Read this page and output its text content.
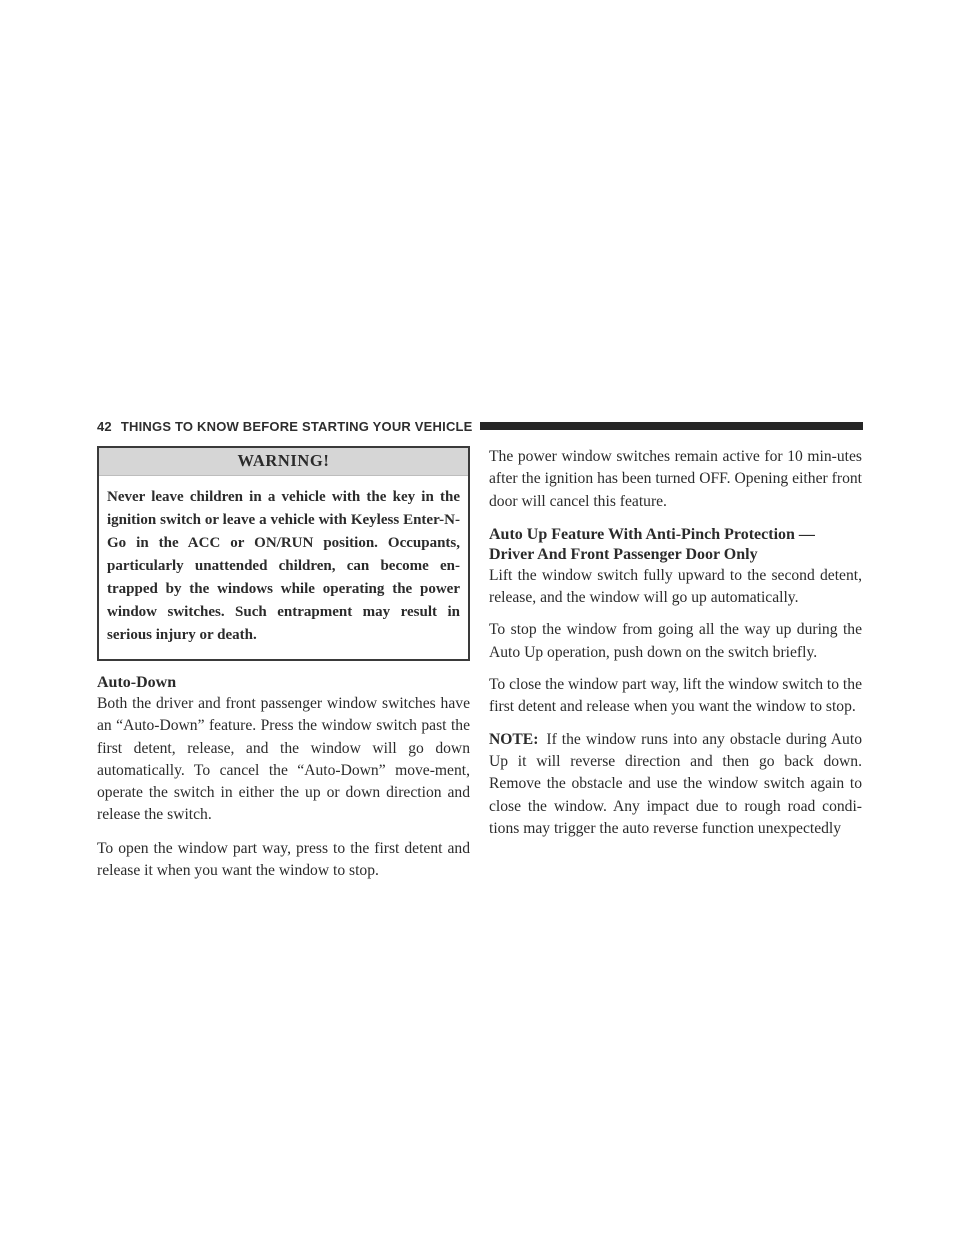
42 THINGS TO KNOW BEFORE STARTING YOUR VEHICLE
WARNING!
Never leave children in a vehicle with the key in the ignition switch or leave a vehicle with Keyless Enter-N-Go in the ACC or ON/RUN position. Occupants, particularly unattended children, can become en-trapped by the windows while operating the power window switches. Such entrapment may result in serious injury or death.

Auto-Down

Both the driver and front passenger window switches have an “Auto-Down” feature. Press the window switch past the first detent, release, and the window will go down automatically. To cancel the “Auto-Down” move-ment, operate the switch in either the up or down direction and release the switch.

To open the window part way, press to the first detent and release it when you want the window to stop.

The power window switches remain active for 10 min-utes after the ignition has been turned OFF. Opening either front door will cancel this feature.

Auto Up Feature With Anti-Pinch Protection —

Driver And Front Passenger Door Only

Lift the window switch fully upward to the second detent, release, and the window will go up automatically.

To stop the window from going all the way up during the Auto Up operation, push down on the switch briefly.

To close the window part way, lift the window switch to the first detent and release when you want the window to stop.

NOTE: If the window runs into any obstacle during Auto Up it will reverse direction and then go back down. Remove the obstacle and use the window switch again to close the window. Any impact due to rough road condi-tions may trigger the auto reverse function unexpectedly
